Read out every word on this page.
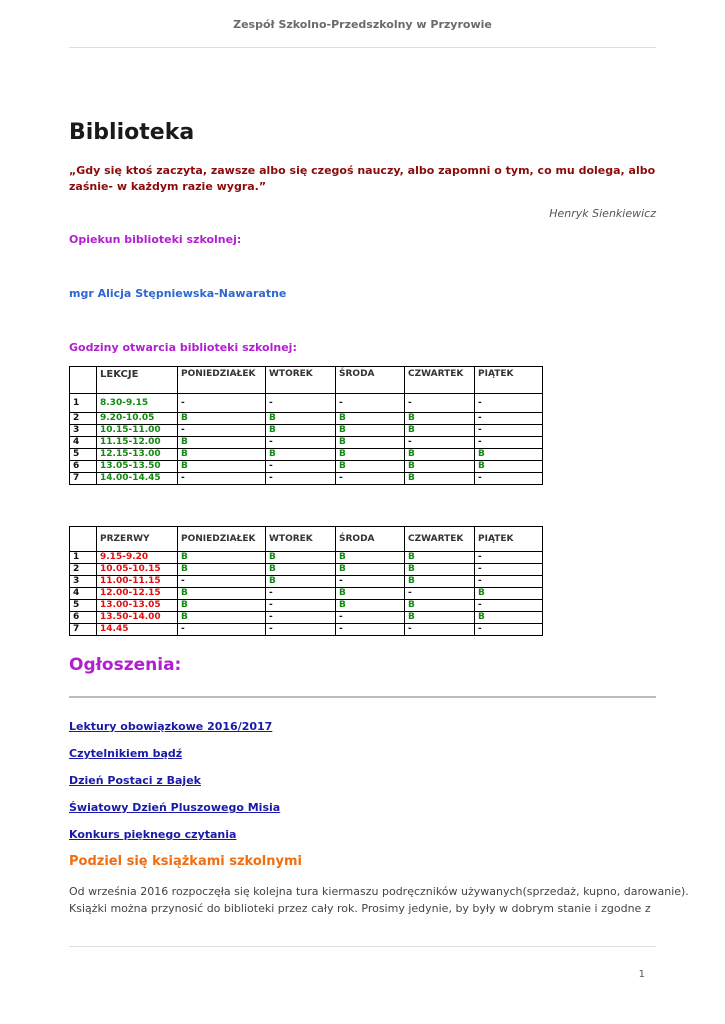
Zespół Szkolno-Przedszkolny w Przyrowie
Biblioteka
„Gdy się ktoś zaczyta, zawsze albo się czegoś nauczy, albo zapomni o tym, co mu dolega, albo zaśnie- w każdym razie wygra.”
Henryk Sienkiewicz
Opiekun biblioteki szkolnej:
mgr Alicja Stępniewska-Nawaratne
Godziny otwarcia biblioteki szkolnej:
	LEKCJE	PONIEDZIAŁEK	WTOREK	ŚRODA	CZWARTEK	PIĄTEK
1	8.30-9.15	-	-	-	-	-
2	9.20-10.05	B	B	B	B	-
3	10.15-11.00	-	B	B	B	-
4	11.15-12.00	B	-	B	-	-
5	12.15-13.00	B	B	B	B	B
6	13.05-13.50	B	-	B	B	B
7	14.00-14.45	-	-	-	B	-
	PRZERWY	PONIEDZIAŁEK	WTOREK	ŚRODA	CZWARTEK	PIĄTEK
1	9.15-9.20	B	B	B	B	-
2	10.05-10.15	B	B	B	B	-
3	11.00-11.15	-	B	-	B	-
4	12.00-12.15	B	-	B	-	B
5	13.00-13.05	B	-	B	B	-
6	13.50-14.00	B	-	-	B	B
7	14.45	-	-	-	-	-
Ogłoszenia:
Lektury obowiązkowe 2016/2017
Czytelnikiem bądź
Dzień Postaci z Bajek
Światowy Dzień Pluszowego Misia
Konkurs pięknego czytania
Podziel się książkami szkolnymi

Od września 2016 rozpoczęła się kolejna tura kiermaszu podręczników używanych(sprzedaż, kupno, darowanie).

Książki można przynosić do biblioteki przez cały rok. Prosimy jedynie, by były w dobrym stanie i zgodne z

1
